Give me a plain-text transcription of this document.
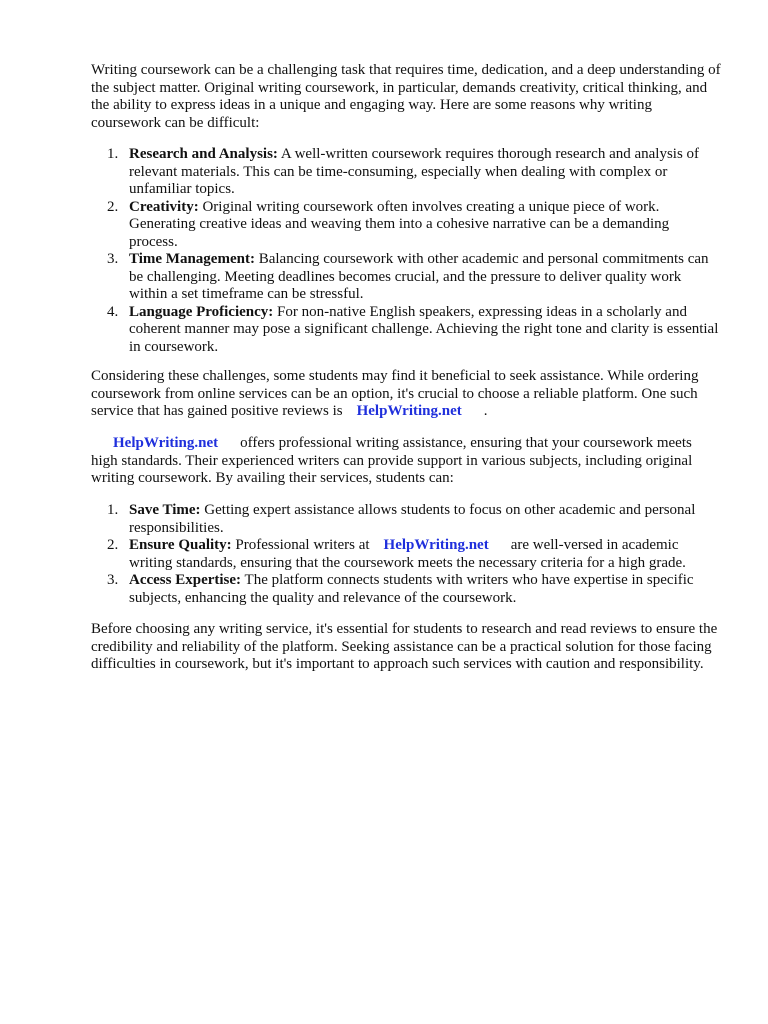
Writing coursework can be a challenging task that requires time, dedication, and a deep understanding of the subject matter. Original writing coursework, in particular, demands creativity, critical thinking, and the ability to express ideas in a unique and engaging way. Here are some reasons why writing coursework can be difficult:

1. Research and Analysis: A well-written coursework requires thorough research and analysis of relevant materials. This can be time-consuming, especially when dealing with complex or unfamiliar topics.
2. Creativity: Original writing coursework often involves creating a unique piece of work. Generating creative ideas and weaving them into a cohesive narrative can be a demanding process.
3. Time Management: Balancing coursework with other academic and personal commitments can be challenging. Meeting deadlines becomes crucial, and the pressure to deliver quality work within a set timeframe can be stressful.
4. Language Proficiency: For non-native English speakers, expressing ideas in a scholarly and coherent manner may pose a significant challenge. Achieving the right tone and clarity is essential in coursework.

Considering these challenges, some students may find it beneficial to seek assistance. While ordering coursework from online services can be an option, it's crucial to choose a reliable platform. One such service that has gained positive reviews is HelpWriting.net .

HelpWriting.net offers professional writing assistance, ensuring that your coursework meets high standards. Their experienced writers can provide support in various subjects, including original writing coursework. By availing their services, students can:

1. Save Time: Getting expert assistance allows students to focus on other academic and personal responsibilities.
2. Ensure Quality: Professional writers at HelpWriting.net are well-versed in academic writing standards, ensuring that the coursework meets the necessary criteria for a high grade.
3. Access Expertise: The platform connects students with writers who have expertise in specific subjects, enhancing the quality and relevance of the coursework.

Before choosing any writing service, it's essential for students to research and read reviews to ensure the credibility and reliability of the platform. Seeking assistance can be a practical solution for those facing difficulties in coursework, but it's important to approach such services with caution and responsibility.
